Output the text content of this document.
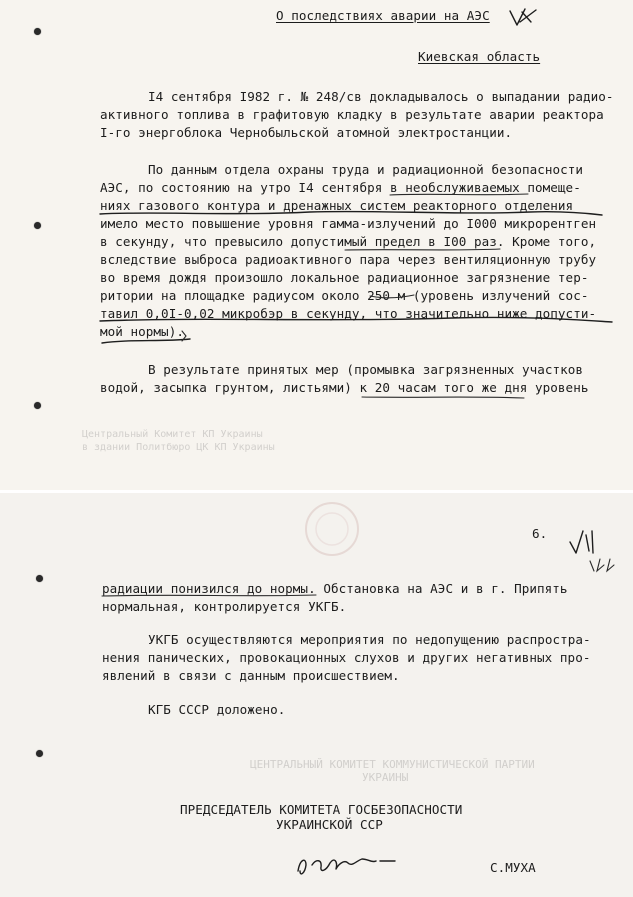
О последствиях аварии на АЭС
Киевская область
I4 сентября I982 г. № 248/св докладывалось о выпадании радио-
активного топлива в графитовую кладку в результате аварии реактора
I-го энергоблока Чернобыльской атомной электростанции.
По данным отдела охраны труда и радиационной безопасности
АЭС, по состоянию на утро I4 сентября в необслуживаемых помеще-
ниях газового контура и дренажных систем реакторного отделения
имело место повышение уровня гамма-излучений до I000 микрорентген
в секунду, что превысило допустимый предел в I00 раз. Кроме того,
вследствие выброса радиоактивного пара через вентиляционную трубу
во время дождя произошло локальное радиационное загрязнение тер-
ритории на площадке радиусом около 250 м (уровень излучений сос-
тавил 0,0I-0,02 микробэр в секунду, что значительно ниже допусти-
мой нормы).
В результате принятых мер (промывка загрязненных участков
водой, засыпка грунтом, листьями) к 20 часам того же дня уровень
Центральный Комитет КП Украины
в здании Политбюро ЦК КП Украины
ЦЕНТРАЛЬНЫЙ КОМИТЕТ КОММУНИСТИЧЕСКОЙ ПАРТИИ
УКРАИНЫ
6.
радиации понизился до нормы. Обстановка на АЭС и в г. Припять
нормальная, контролируется УКГБ.
УКГБ осуществляются мероприятия по недопущению распростра-
нения панических, провокационных слухов и других негативных про-
явлений в связи с данным происшествием.
КГБ СССР доложено.
ПРЕДСЕДАТЕЛЬ КОМИТЕТА ГОСБЕЗОПАСНОСТИ
УКРАИНСКОЙ ССР
С.МУХА
